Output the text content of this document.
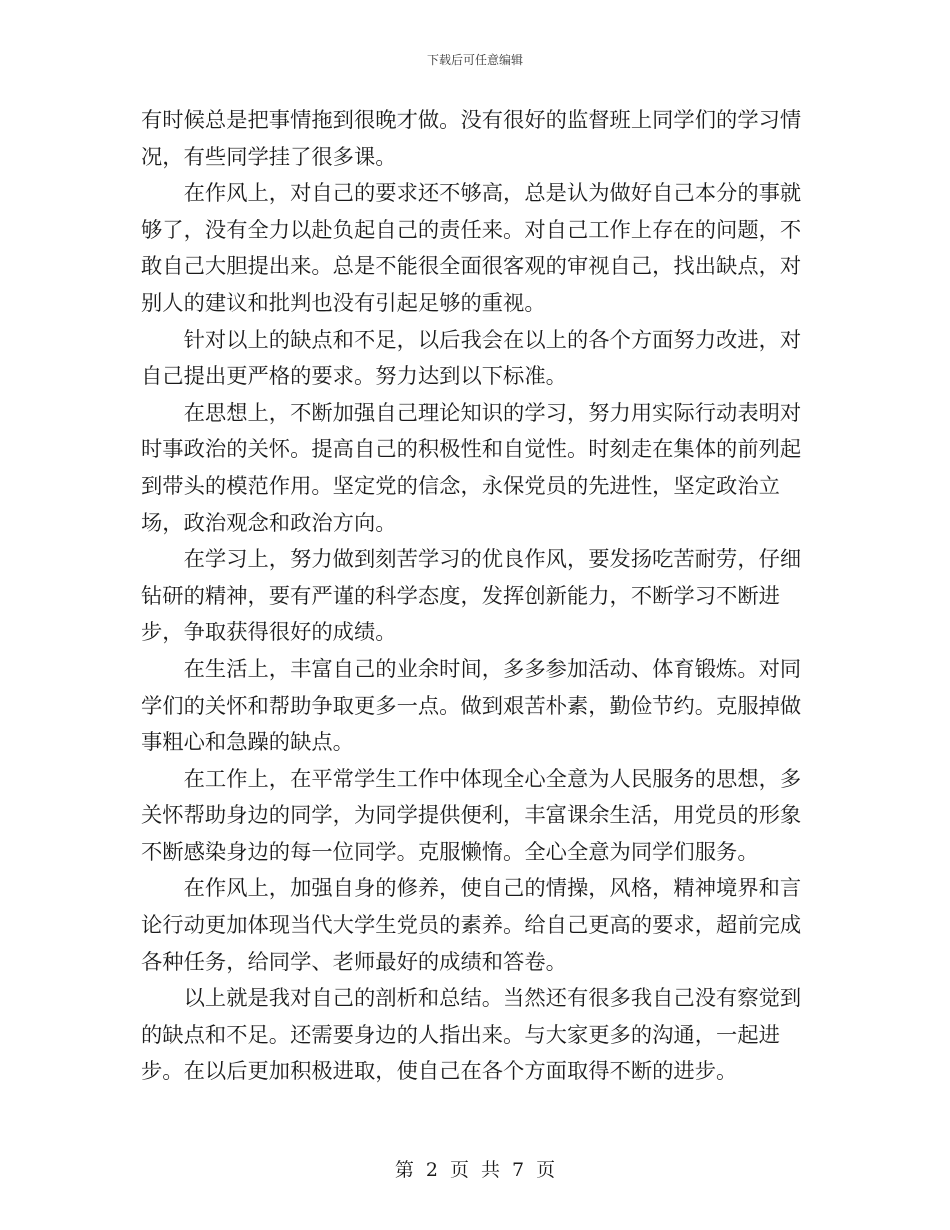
下载后可任意编辑

有时候总是把事情拖到很晚才做。没有很好的监督班上同学们的学习情况，有些同学挂了很多课。

在作风上，对自己的要求还不够高，总是认为做好自己本分的事就够了，没有全力以赴负起自己的责任来。对自己工作上存在的问题，不敢自己大胆提出来。总是不能很全面很客观的审视自己，找出缺点，对别人的建议和批判也没有引起足够的重视。

针对以上的缺点和不足，以后我会在以上的各个方面努力改进，对自己提出更严格的要求。努力达到以下标准。

在思想上，不断加强自己理论知识的学习，努力用实际行动表明对时事政治的关怀。提高自己的积极性和自觉性。时刻走在集体的前列起到带头的模范作用。坚定党的信念，永保党员的先进性，坚定政治立场，政治观念和政治方向。

在学习上，努力做到刻苦学习的优良作风，要发扬吃苦耐劳，仔细钻研的精神，要有严谨的科学态度，发挥创新能力，不断学习不断进步，争取获得很好的成绩。

在生活上，丰富自己的业余时间，多多参加活动、体育锻炼。对同学们的关怀和帮助争取更多一点。做到艰苦朴素，勤俭节约。克服掉做事粗心和急躁的缺点。

在工作上，在平常学生工作中体现全心全意为人民服务的思想，多关怀帮助身边的同学，为同学提供便利，丰富课余生活，用党员的形象不断感染身边的每一位同学。克服懒惰。全心全意为同学们服务。

在作风上，加强自身的修养，使自己的情操，风格，精神境界和言论行动更加体现当代大学生党员的素养。给自己更高的要求，超前完成各种任务，给同学、老师最好的成绩和答卷。

以上就是我对自己的剖析和总结。当然还有很多我自己没有察觉到的缺点和不足。还需要身边的人指出来。与大家更多的沟通，一起进步。在以后更加积极进取，使自己在各个方面取得不断的进步。

第 2 页 共 7 页
